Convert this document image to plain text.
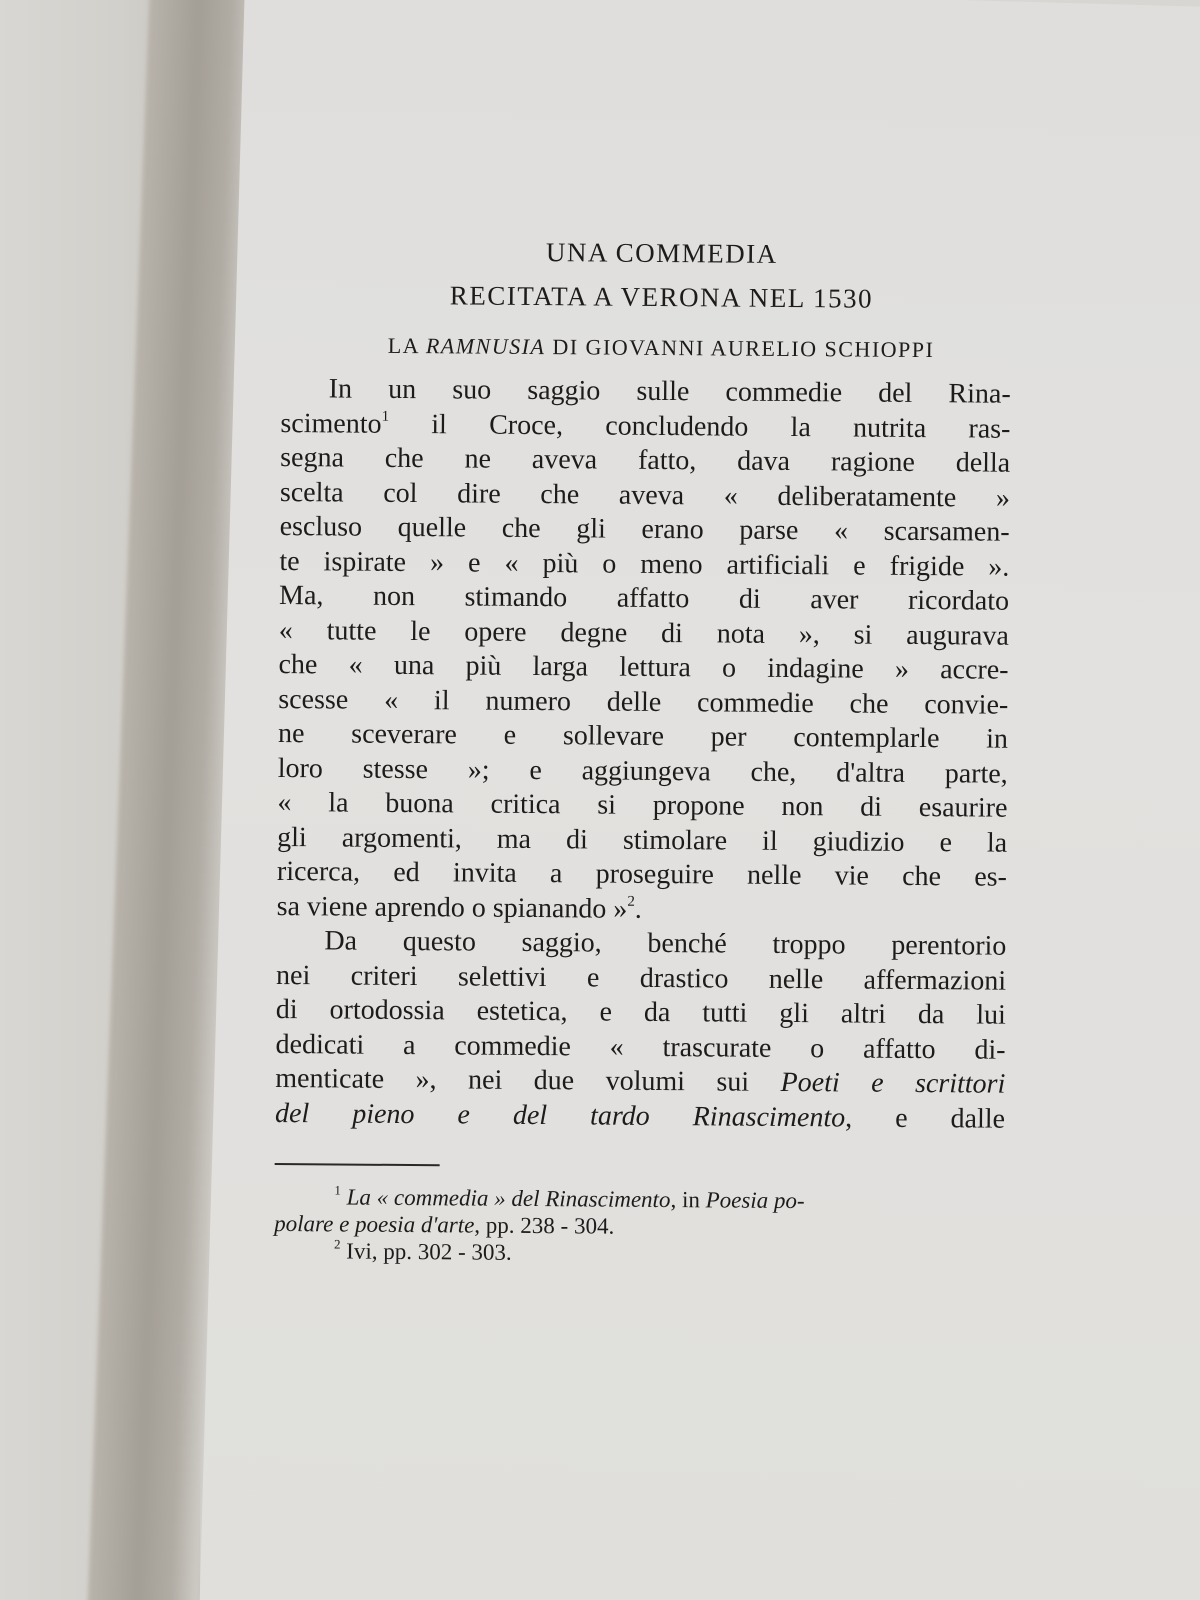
UNA COMMEDIA
RECITATA A VERONA NEL 1530
LA RAMNUSIA DI GIOVANNI AURELIO SCHIOPPI
In un suo saggio sulle commedie del Rina-
scimento$^1$ il Croce, concludendo la nutrita ras-
segna che ne aveva fatto, dava ragione della
scelta col dire che aveva « deliberatamente »
escluso quelle che gli erano parse « scarsamen-
te ispirate » e « più o meno artificiali e frigide ».
Ma, non stimando affatto di aver ricordato
« tutte le opere degne di nota », si augurava
che « una più larga lettura o indagine » accre-
scesse « il numero delle commedie che convie-
ne sceverare e sollevare per contemplarle in
loro stesse »; e aggiungeva che, d'altra parte,
« la buona critica si propone non di esaurire
gli argomenti, ma di stimolare il giudizio e la
ricerca, ed invita a proseguire nelle vie che es-
sa viene aprendo o spianando »$^2$.
Da questo saggio, benché troppo perentorio
nei criteri selettivi e drastico nelle affermazioni
di ortodossia estetica, e da tutti gli altri da lui
dedicati a commedie « trascurate o affatto di-
menticate », nei due volumi sui Poeti e scrittori
del pieno e del tardo Rinascimento, e dalle
$^1$ La « commedia » del Rinascimento, in Poesia po-
polare e poesia d'arte, pp. 238 - 304.
$^2$ Ivi, pp. 302 - 303.
